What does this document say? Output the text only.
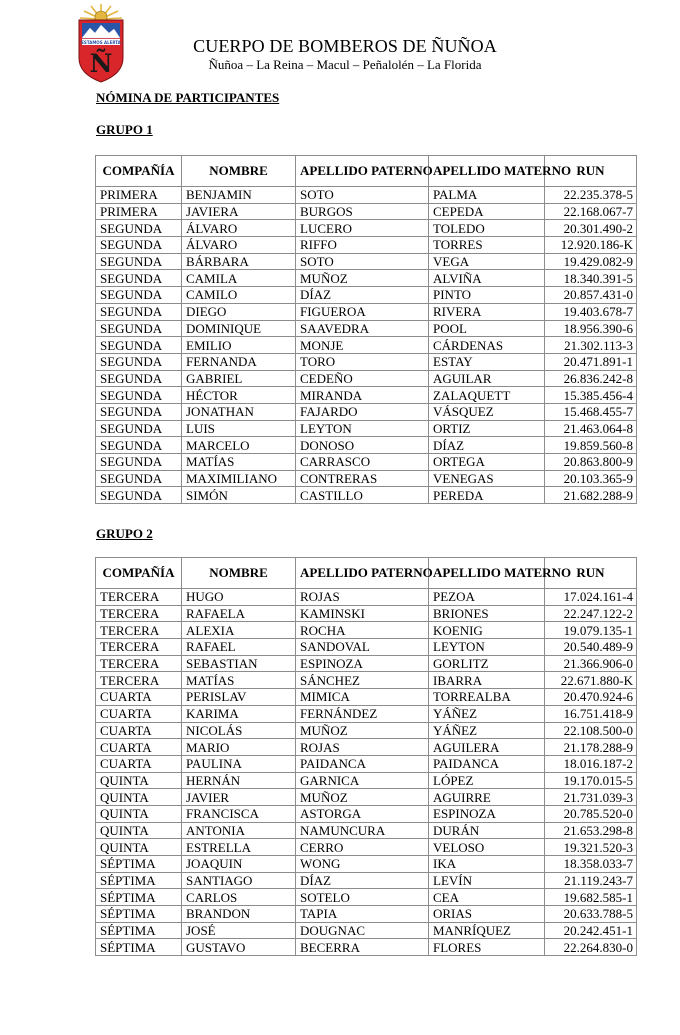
ESTAMOS ALERTA
Ñ
CUERPO DE BOMBEROS DE ÑUÑOA
Ñuñoa – La Reina – Macul – Peñalolén – La Florida
NÓMINA DE PARTICIPANTES
GRUPO 1
COMPAÑÍA	NOMBRE	APELLIDO PATERNO	APELLIDO MATERNO	RUN
PRIMERA	BENJAMIN	SOTO	PALMA	22.235.378-5
PRIMERA	JAVIERA	BURGOS	CEPEDA	22.168.067-7
SEGUNDA	ÁLVARO	LUCERO	TOLEDO	20.301.490-2
SEGUNDA	ÁLVARO	RIFFO	TORRES	12.920.186-K
SEGUNDA	BÁRBARA	SOTO	VEGA	19.429.082-9
SEGUNDA	CAMILA	MUÑOZ	ALVIÑA	18.340.391-5
SEGUNDA	CAMILO	DÍAZ	PINTO	20.857.431-0
SEGUNDA	DIEGO	FIGUEROA	RIVERA	19.403.678-7
SEGUNDA	DOMINIQUE	SAAVEDRA	POOL	18.956.390-6
SEGUNDA	EMILIO	MONJE	CÁRDENAS	21.302.113-3
SEGUNDA	FERNANDA	TORO	ESTAY	20.471.891-1
SEGUNDA	GABRIEL	CEDEÑO	AGUILAR	26.836.242-8
SEGUNDA	HÉCTOR	MIRANDA	ZALAQUETT	15.385.456-4
SEGUNDA	JONATHAN	FAJARDO	VÁSQUEZ	15.468.455-7
SEGUNDA	LUIS	LEYTON	ORTIZ	21.463.064-8
SEGUNDA	MARCELO	DONOSO	DÍAZ	19.859.560-8
SEGUNDA	MATÍAS	CARRASCO	ORTEGA	20.863.800-9
SEGUNDA	MAXIMILIANO	CONTRERAS	VENEGAS	20.103.365-9
SEGUNDA	SIMÓN	CASTILLO	PEREDA	21.682.288-9
GRUPO 2
COMPAÑÍA	NOMBRE	APELLIDO PATERNO	APELLIDO MATERNO	RUN
TERCERA	HUGO	ROJAS	PEZOA	17.024.161-4
TERCERA	RAFAELA	KAMINSKI	BRIONES	22.247.122-2
TERCERA	ALEXIA	ROCHA	KOENIG	19.079.135-1
TERCERA	RAFAEL	SANDOVAL	LEYTON	20.540.489-9
TERCERA	SEBASTIAN	ESPINOZA	GORLITZ	21.366.906-0
TERCERA	MATÍAS	SÁNCHEZ	IBARRA	22.671.880-K
CUARTA	PERISLAV	MIMICA	TORREALBA	20.470.924-6
CUARTA	KARIMA	FERNÁNDEZ	YÁÑEZ	16.751.418-9
CUARTA	NICOLÁS	MUÑOZ	YÁÑEZ	22.108.500-0
CUARTA	MARIO	ROJAS	AGUILERA	21.178.288-9
CUARTA	PAULINA	PAIDANCA	PAIDANCA	18.016.187-2
QUINTA	HERNÁN	GARNICA	LÓPEZ	19.170.015-5
QUINTA	JAVIER	MUÑOZ	AGUIRRE	21.731.039-3
QUINTA	FRANCISCA	ASTORGA	ESPINOZA	20.785.520-0
QUINTA	ANTONIA	NAMUNCURA	DURÁN	21.653.298-8
QUINTA	ESTRELLA	CERRO	VELOSO	19.321.520-3
SÉPTIMA	JOAQUIN	WONG	IKA	18.358.033-7
SÉPTIMA	SANTIAGO	DÍAZ	LEVÍN	21.119.243-7
SÉPTIMA	CARLOS	SOTELO	CEA	19.682.585-1
SÉPTIMA	BRANDON	TAPIA	ORIAS	20.633.788-5
SÉPTIMA	JOSÉ	DOUGNAC	MANRÍQUEZ	20.242.451-1
SÉPTIMA	GUSTAVO	BECERRA	FLORES	22.264.830-0
